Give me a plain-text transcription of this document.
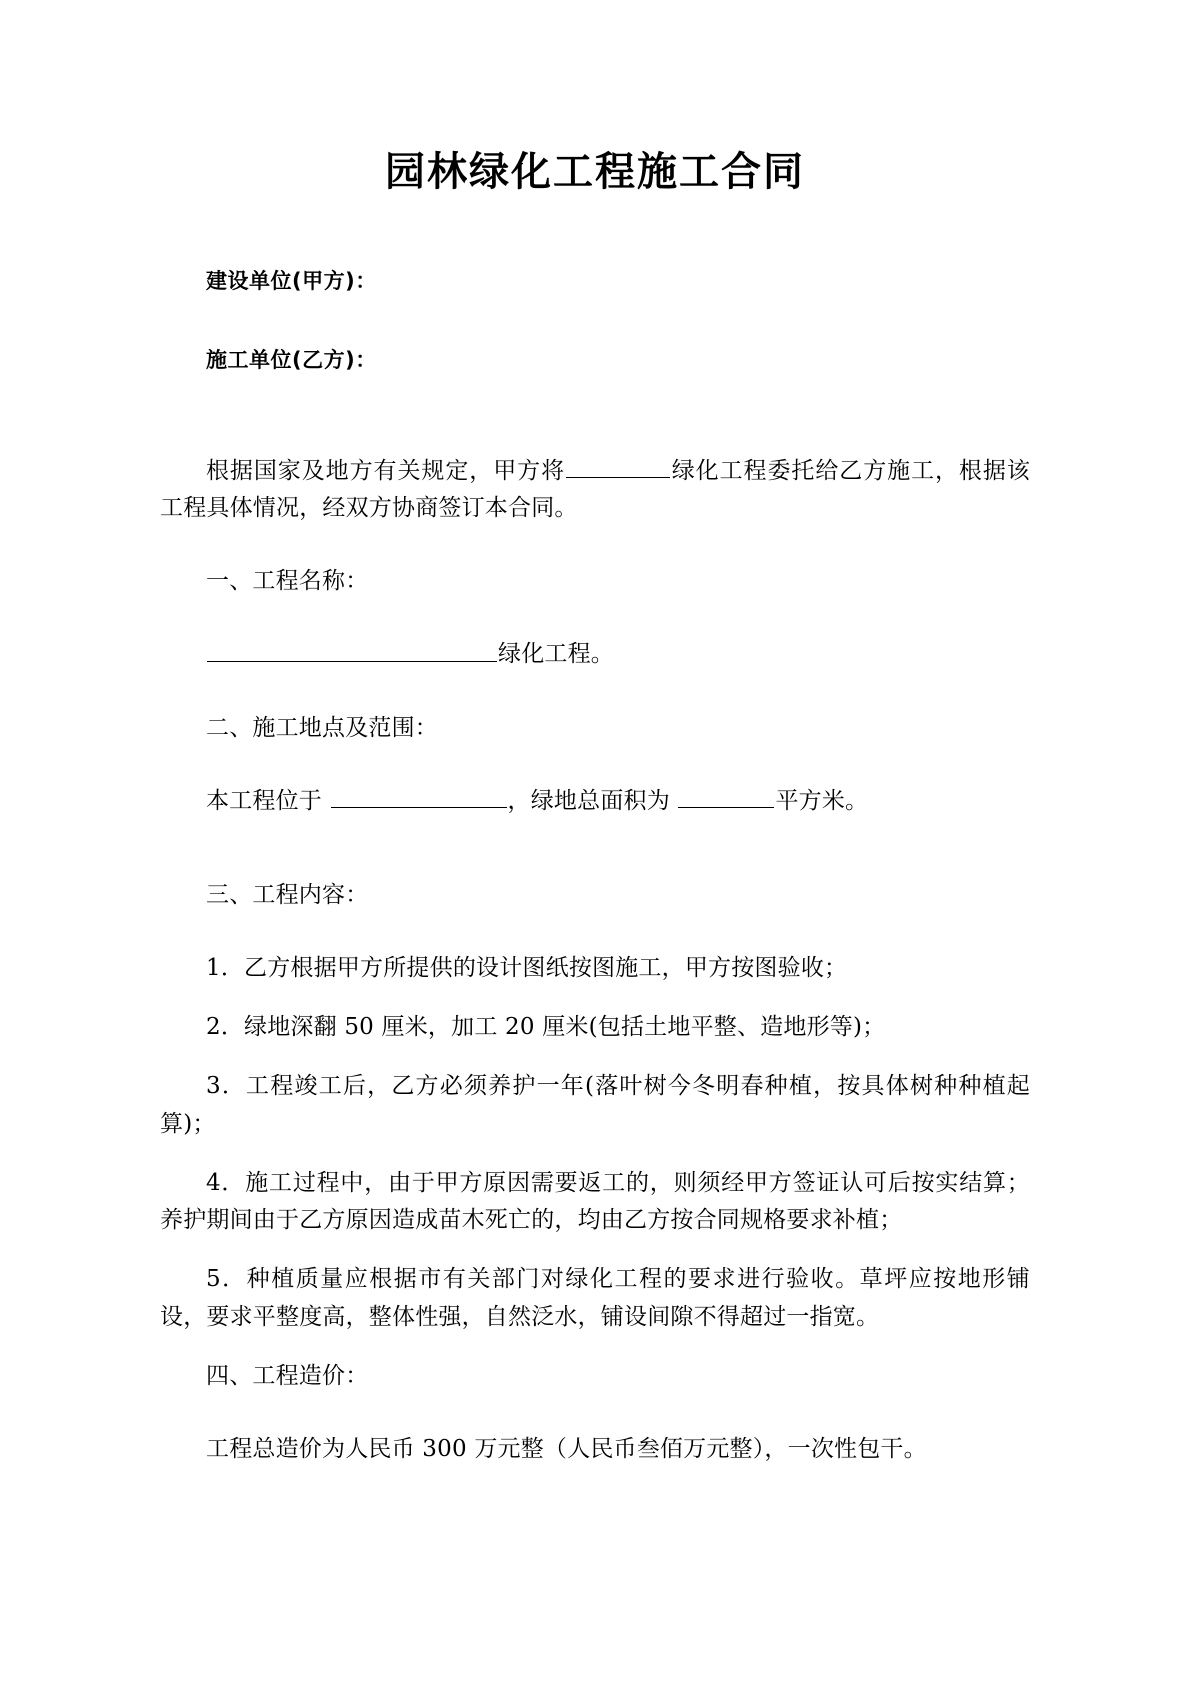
园林绿化工程施工合同
建设单位(甲方)：
施工单位(乙方)：

根据国家及地方有关规定，甲方将	绿化工程委托给乙方施工，根据该工程具体情况，经双方协商签订本合同。

一、工程名称：

绿化工程。

二、施工地点及范围：

本工程位于	，绿地总面积为	平方米。

三、工程内容：

1．乙方根据甲方所提供的设计图纸按图施工，甲方按图验收；

2．绿地深翻 50 厘米，加工 20 厘米(包括土地平整、造地形等)；

3．工程竣工后，乙方必须养护一年(落叶树今冬明春种植，按具体树种种植起算)；

4．施工过程中，由于甲方原因需要返工的，则须经甲方签证认可后按实结算；养护期间由于乙方原因造成苗木死亡的，均由乙方按合同规格要求补植；

5．种植质量应根据市有关部门对绿化工程的要求进行验收。草坪应按地形铺设，要求平整度高，整体性强，自然泛水，铺设间隙不得超过一指宽。

四、工程造价：

工程总造价为人民币 300 万元整（人民币叁佰万元整），一次性包干。
